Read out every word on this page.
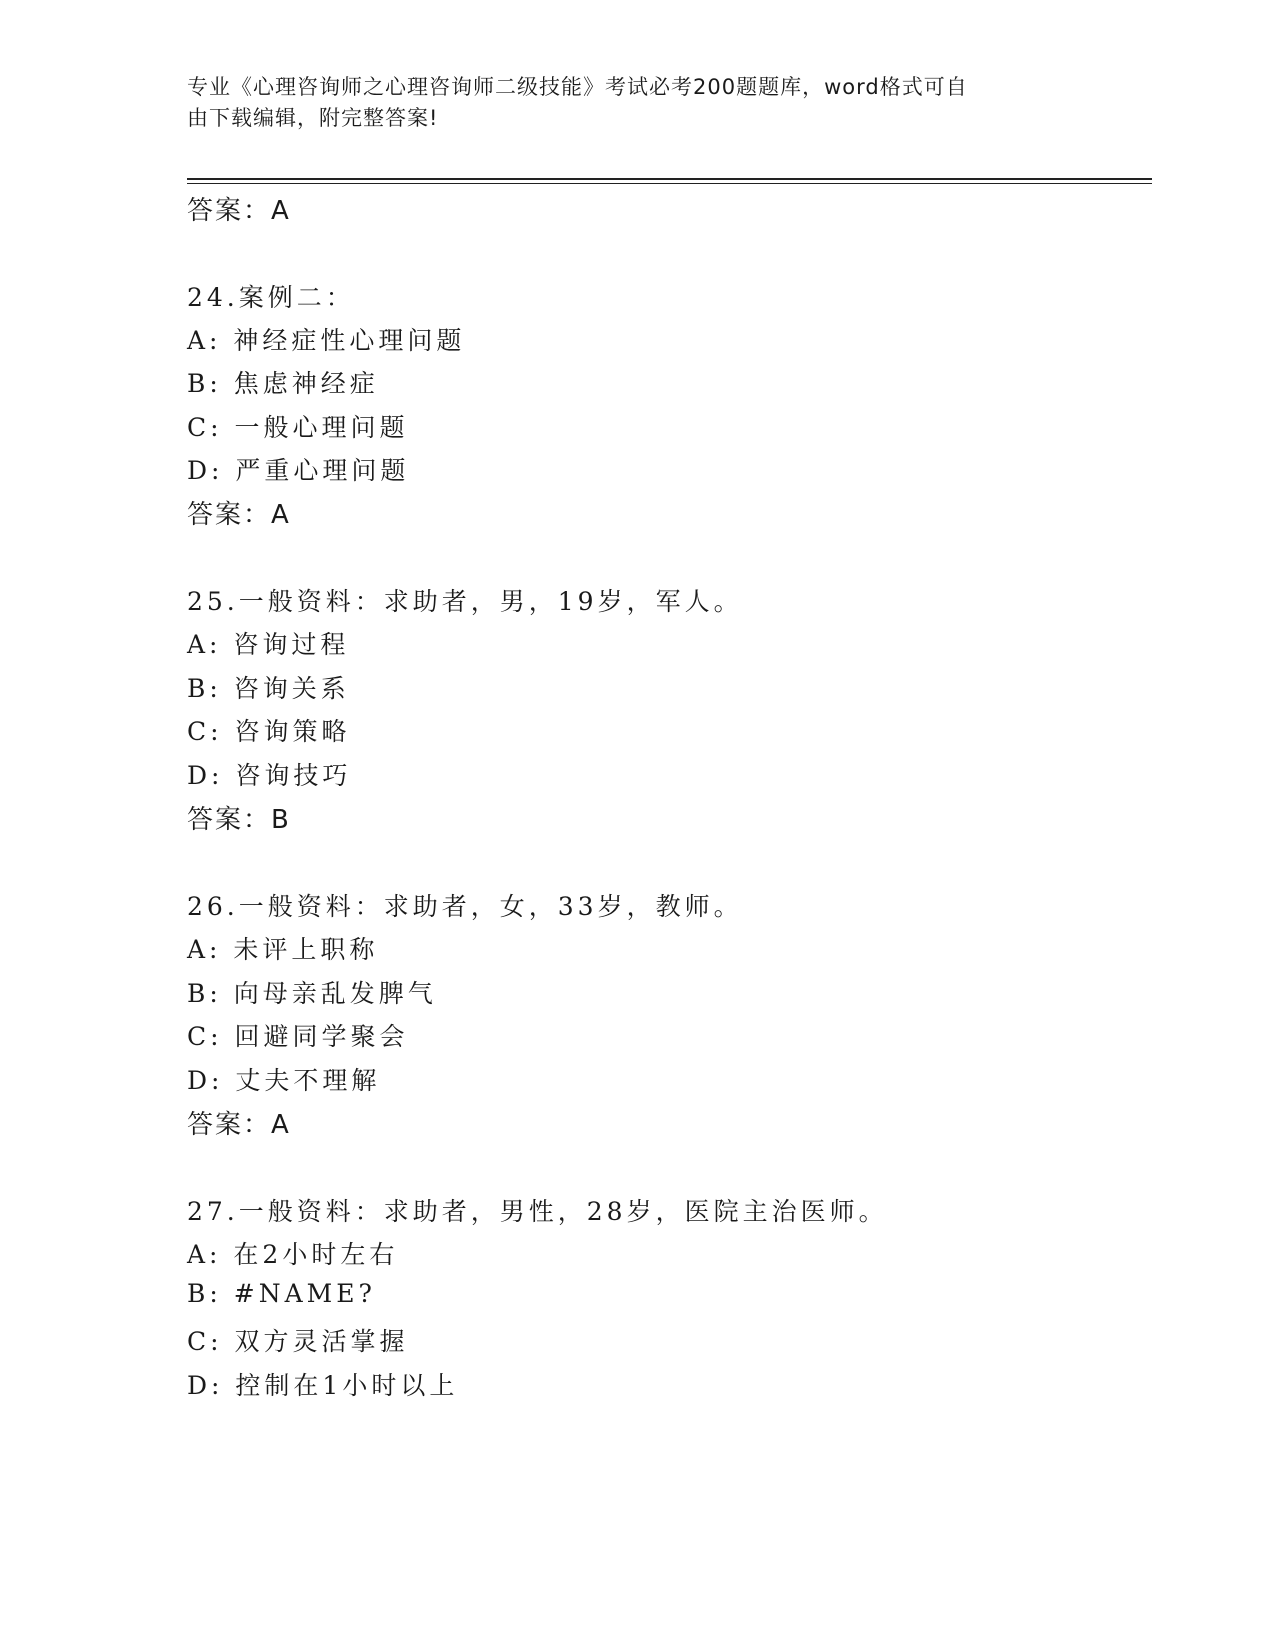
专业《心理咨询师之心理咨询师二级技能》考试必考200题题库，word格式可自
由下载编辑，附完整答案!
答案：A
24.案例二：
A: 神经症性心理问题
B: 焦虑神经症
C: 一般心理问题
D: 严重心理问题
答案：A
25.一般资料：求助者，男，19岁，军人。
A: 咨询过程
B: 咨询关系
C: 咨询策略
D: 咨询技巧
答案：B
26.一般资料：求助者，女，33岁，教师。
A: 未评上职称
B: 向母亲乱发脾气
C: 回避同学聚会
D: 丈夫不理解
答案：A
27.一般资料：求助者，男性，28岁，医院主治医师。
A: 在2小时左右
B: #NAME?
C: 双方灵活掌握
D: 控制在1小时以上
